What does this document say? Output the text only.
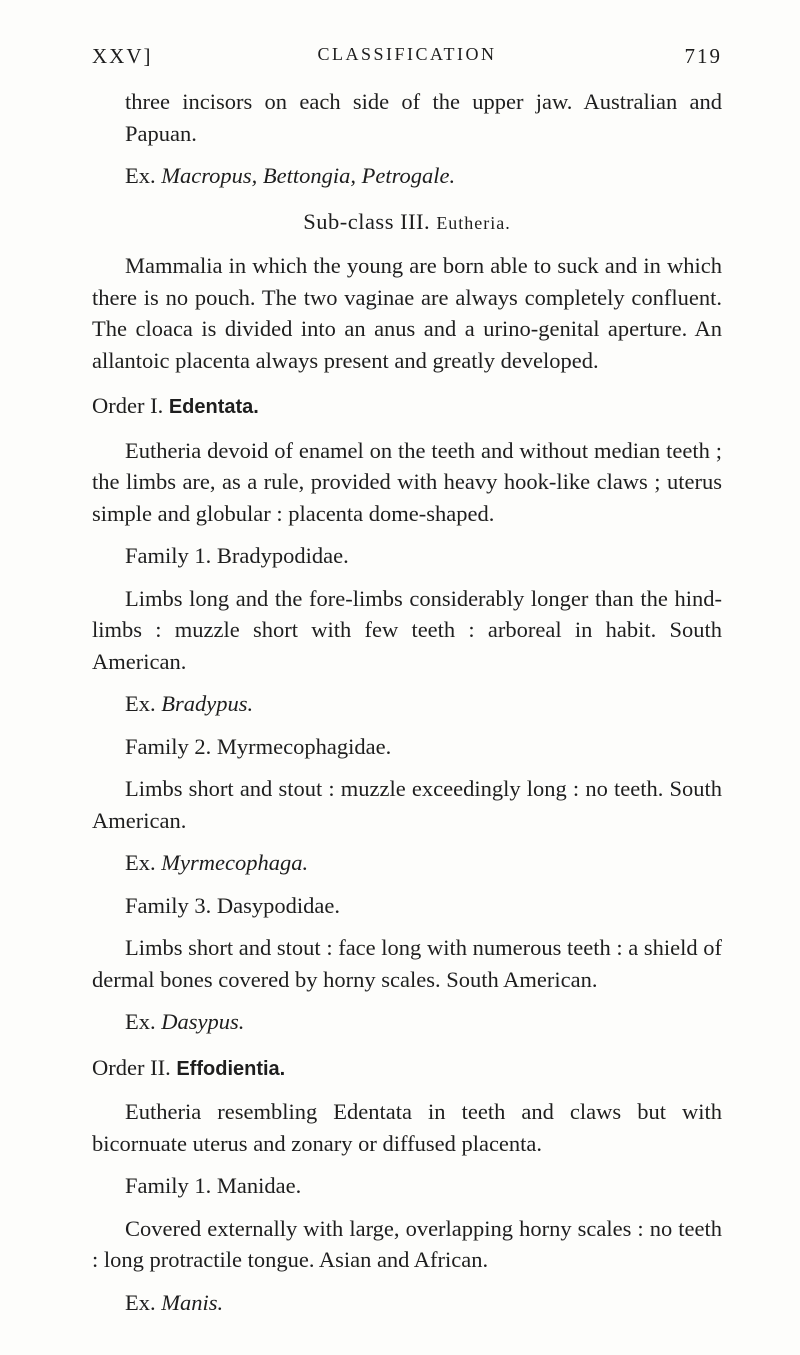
XXV]	CLASSIFICATION	719

three incisors on each side of the upper jaw. Australian and Papuan.

Ex. Macropus, Bettongia, Petrogale.

Sub-class III. Eutheria.

Mammalia in which the young are born able to suck and in which there is no pouch. The two vaginae are always completely confluent. The cloaca is divided into an anus and a urino-genital aperture. An allantoic placenta always present and greatly developed.

Order I. Edentata.

Eutheria devoid of enamel on the teeth and without median teeth ; the limbs are, as a rule, provided with heavy hook-like claws ; uterus simple and globular : placenta dome-shaped.

Family 1. Bradypodidae.

Limbs long and the fore-limbs considerably longer than the hind-limbs : muzzle short with few teeth : arboreal in habit. South American.

Ex. Bradypus.

Family 2. Myrmecophagidae.

Limbs short and stout : muzzle exceedingly long : no teeth. South American.

Ex. Myrmecophaga.

Family 3. Dasypodidae.

Limbs short and stout : face long with numerous teeth : a shield of dermal bones covered by horny scales. South American.

Ex. Dasypus.

Order II. Effodientia.

Eutheria resembling Edentata in teeth and claws but with bicornuate uterus and zonary or diffused placenta.

Family 1. Manidae.

Covered externally with large, overlapping horny scales : no teeth : long protractile tongue. Asian and African.

Ex. Manis.
